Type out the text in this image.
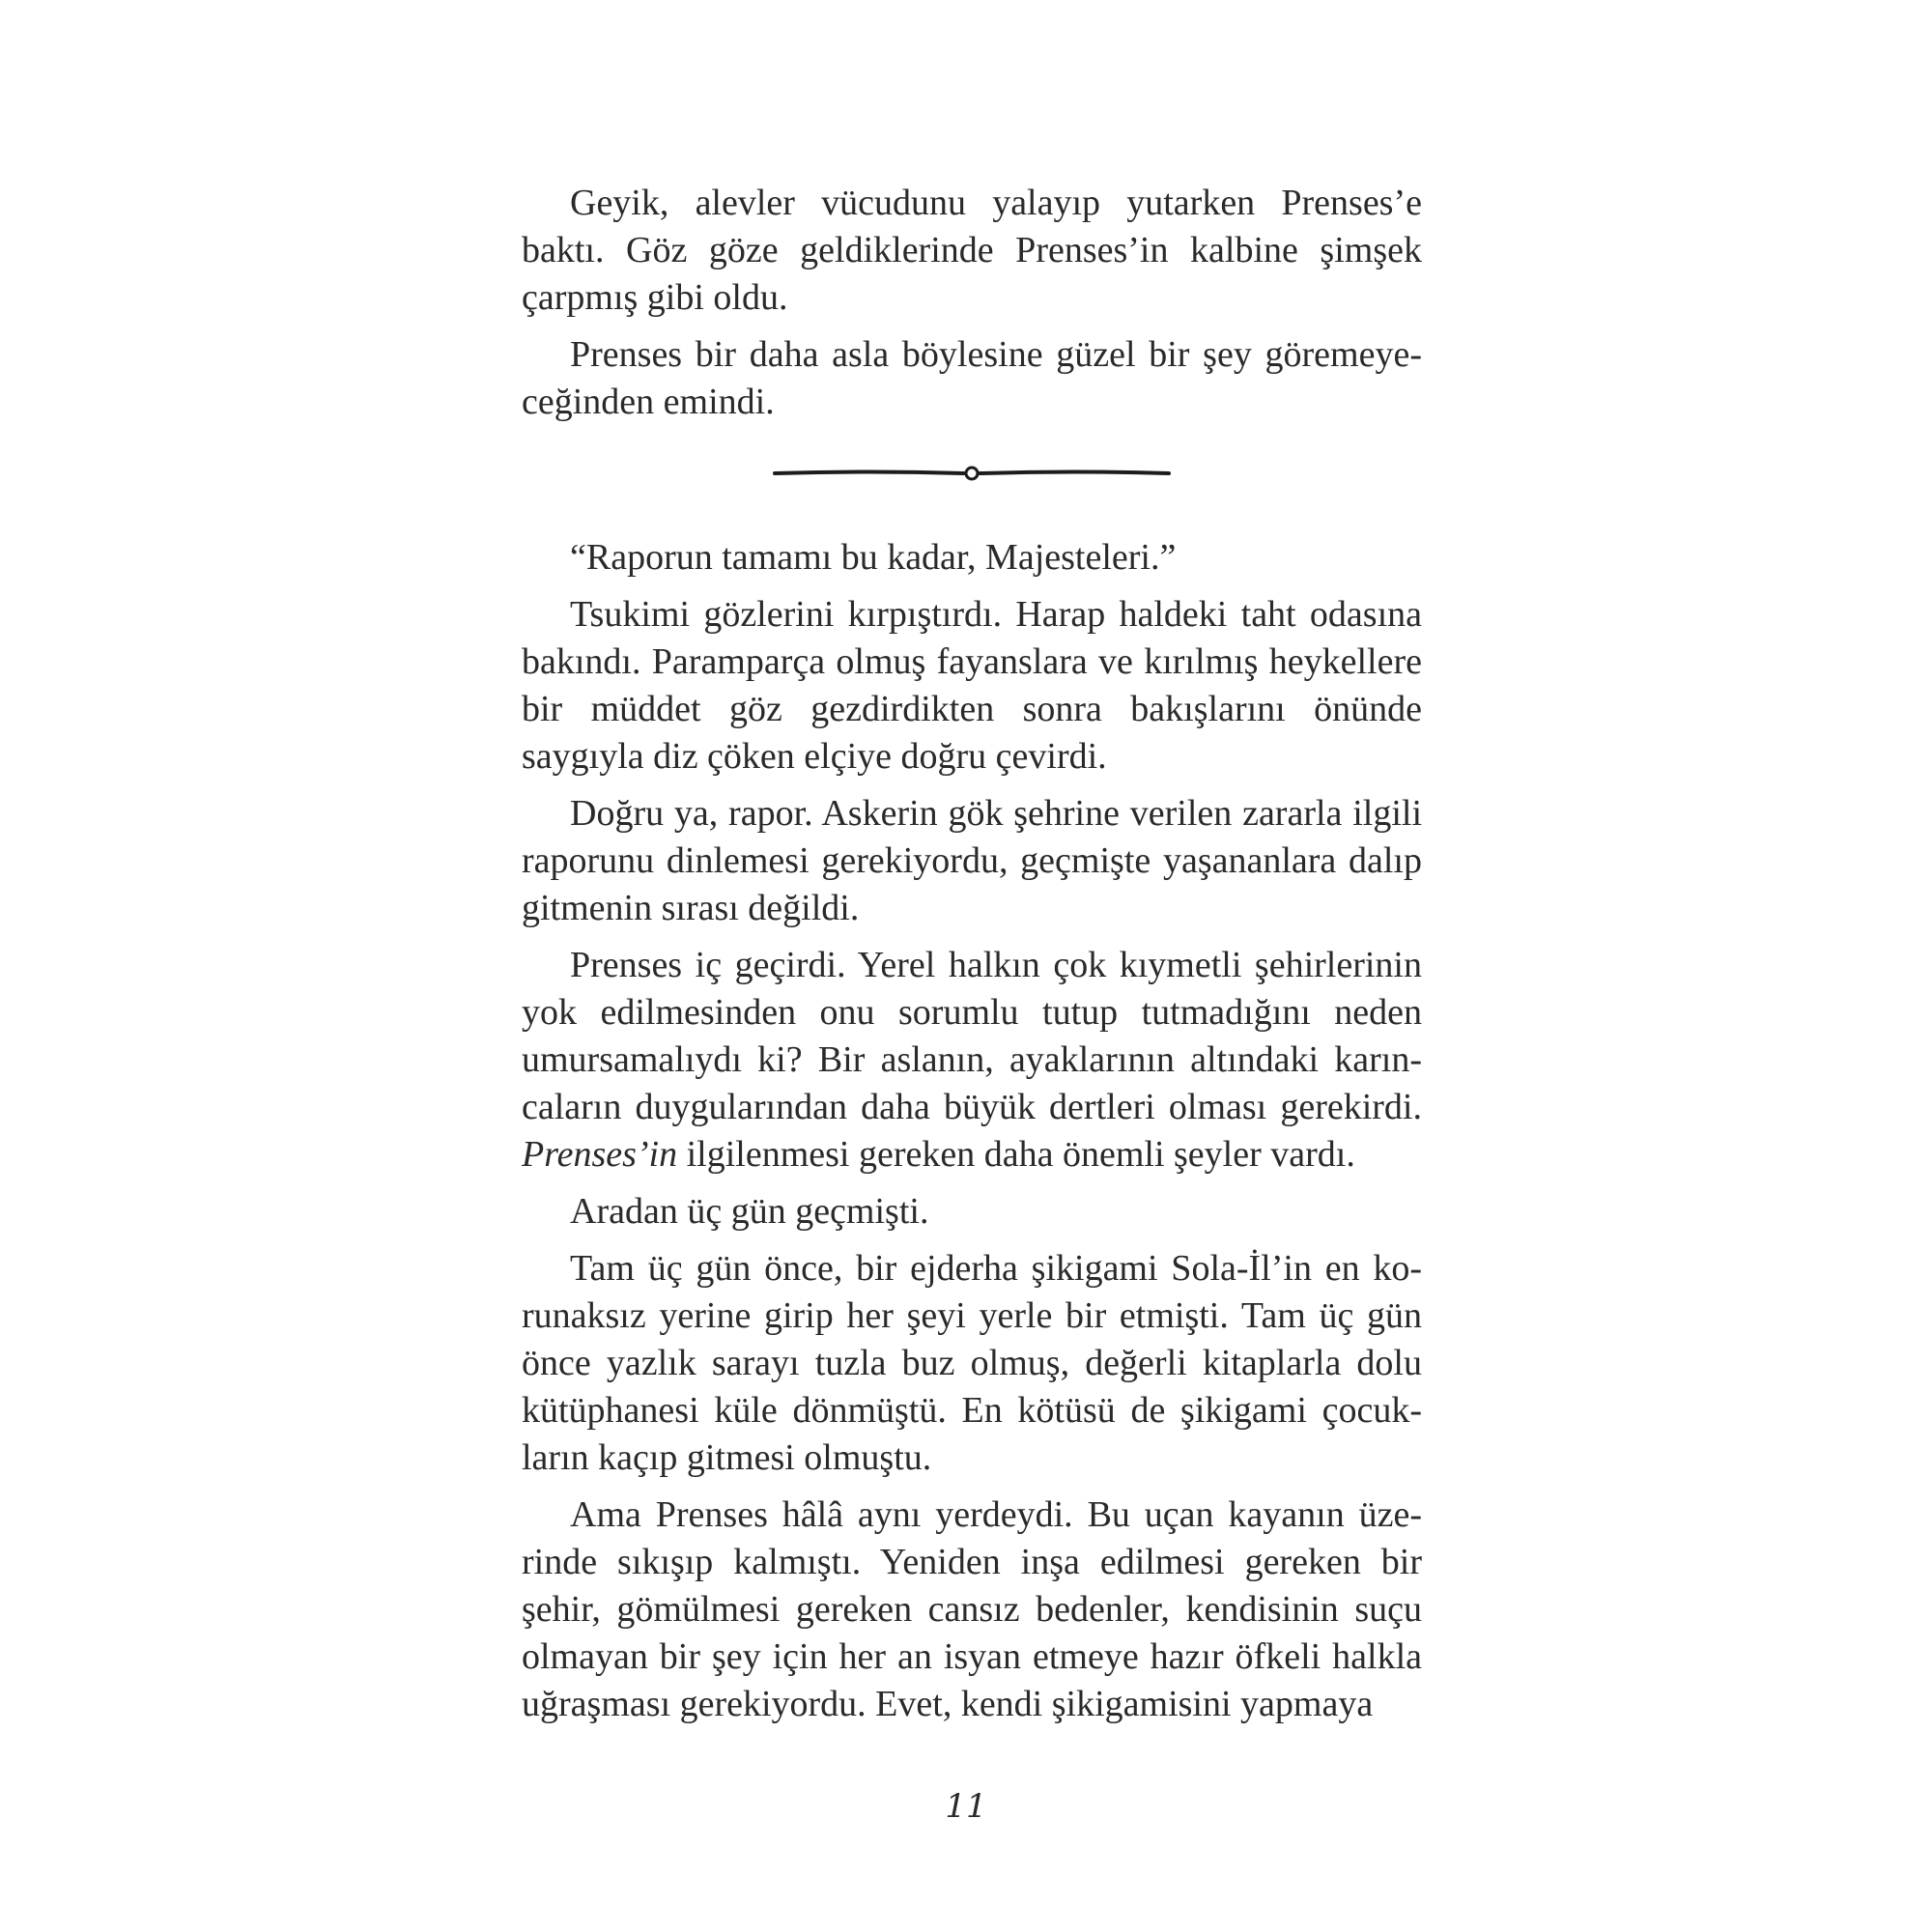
Geyik, alevler vücudunu yalayıp yutarken Prenses’e baktı. Göz göze geldiklerinde Prenses’in kalbine şimşek çarpmış gibi oldu.

Prenses bir daha asla böylesine güzel bir şey göremeyeceğinden emindi.

“Raporun tamamı bu kadar, Majesteleri.”

Tsukimi gözlerini kırpıştırdı. Harap haldeki taht odasına bakındı. Paramparça olmuş fayanslara ve kırılmış heykellere bir müddet göz gezdirdikten sonra bakışlarını önünde saygıyla diz çöken elçiye doğru çevirdi.

Doğru ya, rapor. Askerin gök şehrine verilen zararla ilgili raporunu dinlemesi gerekiyordu, geçmişte yaşananlara dalıp gitmenin sırası değildi.

Prenses iç geçirdi. Yerel halkın çok kıymetli şehirlerinin yok edilmesinden onu sorumlu tutup tutmadığını neden umursamalıydı ki? Bir aslanın, ayaklarının altındaki karıncaların duygularından daha büyük dertleri olması gerekirdi. Prenses’in ilgilenmesi gereken daha önemli şeyler vardı.

Aradan üç gün geçmişti.

Tam üç gün önce, bir ejderha şikigami Sola-İl’in en korunaksız yerine girip her şeyi yerle bir etmişti. Tam üç gün önce yazlık sarayı tuzla buz olmuş, değerli kitaplarla dolu kütüphanesi küle dönmüştü. En kötüsü de şikigami çocukların kaçıp gitmesi olmuştu.

Ama Prenses hâlâ aynı yerdeydi. Bu uçan kayanın üzerinde sıkışıp kalmıştı. Yeniden inşa edilmesi gereken bir şehir, gömülmesi gereken cansız bedenler, kendisinin suçu olmayan bir şey için her an isyan etmeye hazır öfkeli halkla uğraşması gerekiyordu. Evet, kendi şikigamisini yapmaya

11
